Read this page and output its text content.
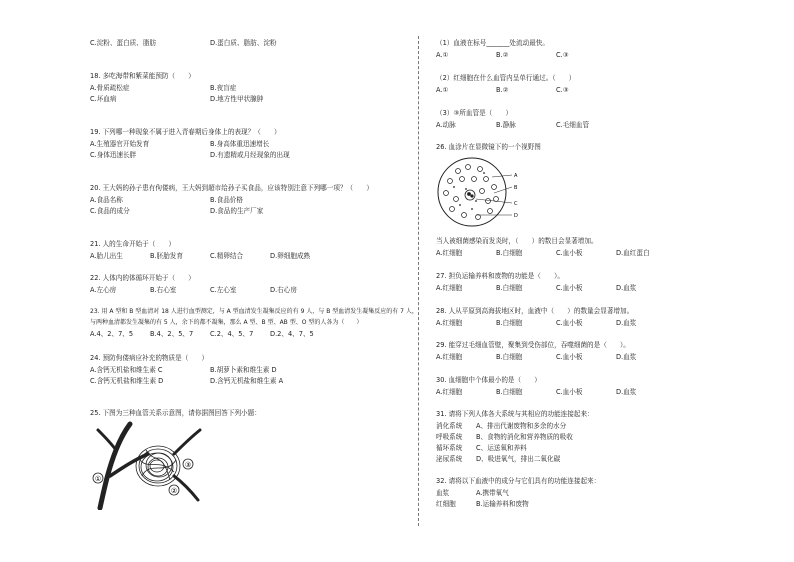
C.淀粉、蛋白质、脂肪	D.蛋白质、脂肪、淀粉
18. 多吃海带和紫菜能预防（　　）
A.骨质疏松症	B.夜盲症
C.坏血病	D.地方性甲状腺肿
19. 下列哪一种现象不属于进入青春期后身体上的表现？（　　）
A.生殖器官开始发育	B.身高体重迅速增长
C.身体迅速长胖	D.有遗精或月经现象的出现
20. 王大妈的孙子患有佝偻病，王大妈到超市给孙子买食品，应该特别注意下列哪一项？（　　）
A.食品名称	B.食品价格
C.食品的成分	D.食品的生产厂家
21. 人的生命开始于（　　）
A.胎儿出生	B.胚胎发育	C.精卵结合	D.卵细胞成熟
22. 人体内的体循环开始于（　　）
A.左心房	B.右心室	C.左心室	D.右心房
23. 用 A 型和 B 型血清对 18 人进行血型测定，与 A 型血清发生凝集反应的有 9 人，与 B 型血清发生凝集反应的有 7 人，
与两种血清都发生凝集的有 5 人，余下的都不凝集，那么 A 型、B 型、AB 型、O 型的人各为（　　）
A.4、2、7、5	B.4、2、5、7	C.2、4、5、7	D.2、4、7、5
24. 预防佝偻病应补充的物质是（　　）
A.含钙无机盐和维生素 C	B.胡萝卜素和维生素 D
C.含钙无机盐和维生素 D	D.含钙无机盐和维生素 A
25. 下图为三种血管关系示意图，请你据图回答下列小题：
①
②
③
（1）血液在标号_______处流动最快。
A.①	B.②	C.③
（2）红细胞在什么血管内呈单行通过。（　　）
A.①	B.②	C.③
（3）③所血管是（　　）
A.动脉	B.静脉	C.毛细血管
26. 血涂片在显微镜下的一个视野图
A
B
C
D
当人被细菌感染而发炎时，（　　）的数目会显著增加。
A.红细胞	B.白细胞	C.血小板	D.血红蛋白
27. 担负运输养料和废物的功能是（　　）。
A.红细胞	B.白细胞	C.血小板	D.血浆
28. 人从平原到高海拔地区时，血液中（　　）的数量会显著增加。
A.红细胞	B.白细胞	C.血小板	D.血浆
29. 能穿过毛细血管壁，聚集到受伤部位，吞噬细菌的是（　　）。
A.红细胞	B.白细胞	C.血小板	D.血浆
30. 血细胞中个体最小的是（　　）
A.红细胞	B.白细胞	C.血小板	D.血浆
31. 请将下列人体各大系统与其相应的功能连接起来：
消化系统 A、排出代谢废物和多余的水分
呼吸系统 B、食物的消化和营养物质的吸收
循环系统 C、运送氧和养料
泌尿系统 D、吸进氧气，排出二氧化碳
32. 请将以下血液中的成分与它们具有的功能连接起来：
血浆	A.携带氧气
红细胞	B.运输养料和废物
